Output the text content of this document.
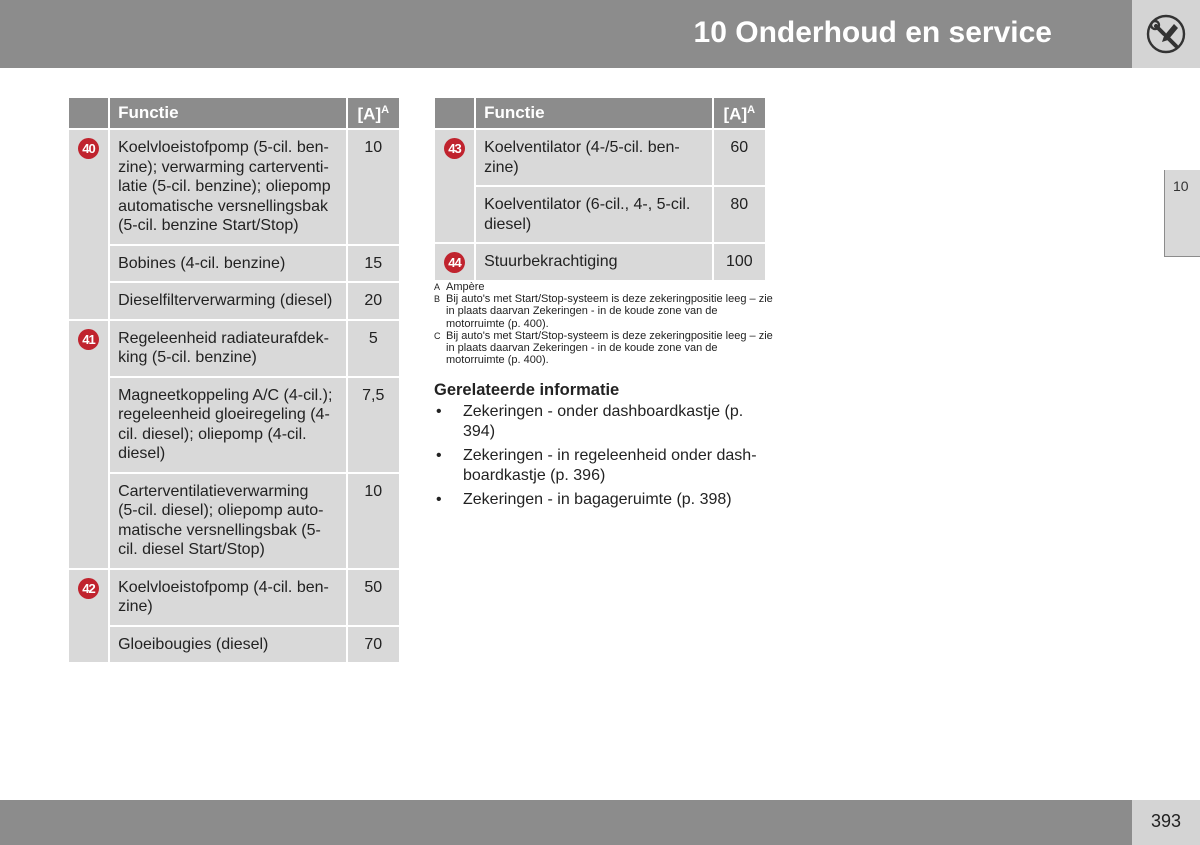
10 Onderhoud en service
10
	Functie	$[A]^A$
40	Koelvloeistofpomp (5-cil. ben-
zine); verwarming carterventi-
latie (5-cil. benzine); oliepomp
automatische versnellingsbak
(5-cil. benzine Start/Stop)	10
	Bobines (4-cil. benzine)	15
	Dieselfilterverwarming (diesel)	20
41	Regeleenheid radiateurafdek-
king (5-cil. benzine)	5
	Magneetkoppeling A/C (4-cil.);
regeleenheid gloeiregeling (4-
cil. diesel); oliepomp (4-cil.
diesel)	7,5
	Carterventilatieverwarming
(5-cil. diesel); oliepomp auto-
matische versnellingsbak (5-
cil. diesel Start/Stop)	10
42	Koelvloeistofpomp (4-cil. ben-
zine)	50
	Gloeibougies (diesel)	70
	Functie	$[A]^A$
43	Koelventilator (4-/5-cil. ben-
zine)	60
	Koelventilator (6-cil., 4-, 5-cil.
diesel)	80
44	Stuurbekrachtiging	100
A Ampère
B Bij auto's met Start/Stop-systeem is deze zekeringpositie leeg – zie in plaats daarvan Zekeringen - in de koude zone van de motorruimte (p. 400).
C Bij auto's met Start/Stop-systeem is deze zekeringpositie leeg – zie in plaats daarvan Zekeringen - in de koude zone van de motorruimte (p. 400).
Gerelateerde informatie
• Zekeringen - onder dashboardkastje (p. 394)
• Zekeringen - in regeleenheid onder dash-boardkastje (p. 396)
• Zekeringen - in bagageruimte (p. 398)
393
